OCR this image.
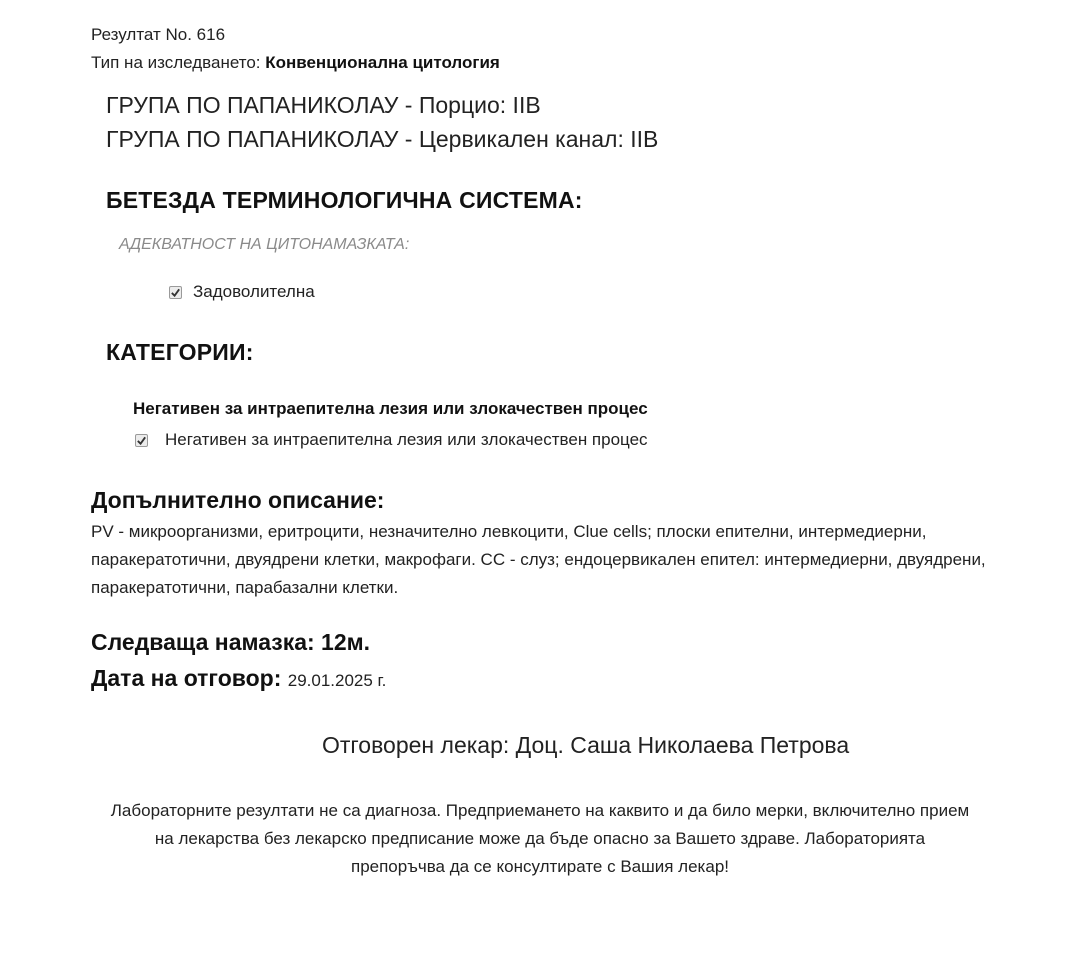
Резултат No. 616
Тип на изследването: Конвенционална цитология
ГРУПА ПО ПАПАНИКОЛАУ - Порцио: IIB
ГРУПА ПО ПАПАНИКОЛАУ - Цервикален канал: IIB
БЕТЕЗДА ТЕРМИНОЛОГИЧНА СИСТЕМА:
АДЕКВАТНОСТ НА ЦИТОНАМАЗКАТА:
Задоволителна
КАТЕГОРИИ:
Негативен за интраепителна лезия или злокачествен процес
Негативен за интраепителна лезия или злокачествен процес
Допълнително описание:
PV - микроорганизми, еритроцити, незначително левкоцити, Clue cells; плоски епителни, интермедиерни, паракератотични, двуядрени клетки, макрофаги. CC - слуз; ендоцервикален епител: интермедиерни, двуядрени, паракератотични, парабазални клетки.
Следваща намазка: 12м.
Дата на отговор: 29.01.2025 г.
Отговорен лекар: Доц. Саша Николаева Петрова
Лабораторните резултати не са диагноза. Предприемането на каквито и да било мерки, включително прием на лекарства без лекарско предписание може да бъде опасно за Вашето здраве. Лабораторията препоръчва да се консултирате с Вашия лекар!
